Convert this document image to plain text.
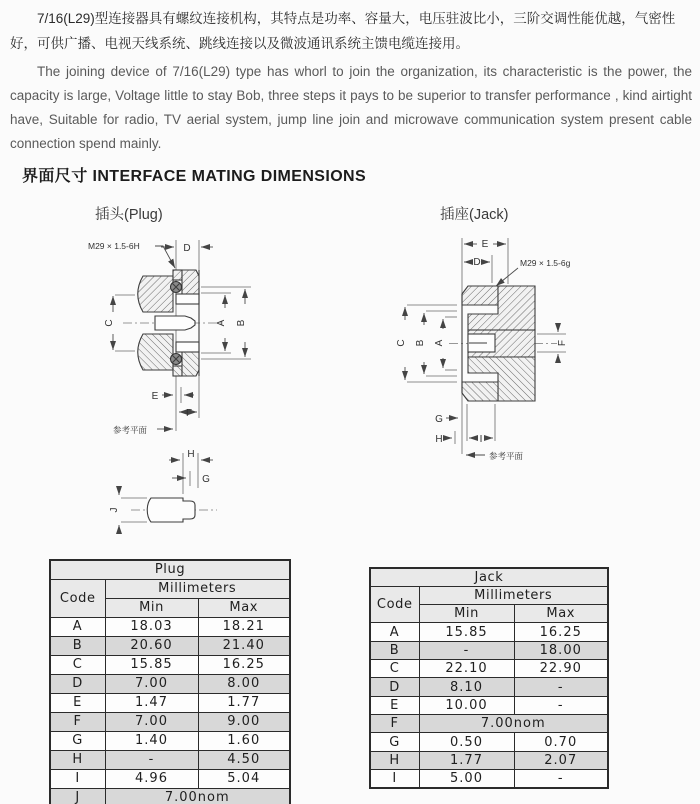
7/16(L29)型连接器具有螺纹连接机构，其特点是功率、容量大，电压驻波比小，三阶交调性能优越，气密性好，可供广播、电视天线系统、跳线连接以及微波通讯系统主馈电缆连接用。

The joining device of 7/16(L29) type has whorl to join the organization, its characteristic is the power, the capacity is large, Voltage little to stay Bob, three steps it pays to be superior to transfer performance , kind airtight have, Suitable for radio, TV aerial system, jump line join and microwave communication system present cable connection spend mainly.

界面尺寸 INTERFACE MATING DIMENSIONS
插头(Plug)	插座(Jack)
M29 × 1.5-6H	D
C	A B
E
F
参考平面
H
G
J
E
D	M29 × 1.5-6g
C B A	F
G
H	I
参考平面
Plug		
Code	Millimeters	
	Min	Max
A	18.03	18.21
B	20.60	21.40
C	15.85	16.25
D	7.00	8.00
E	1.47	1.77
F	7.00	9.00
G	1.40	1.60
H	-	4.50
I	4.96	5.04
J	7.00nom	
Jack		
Code	Millimeters	
	Min	Max
A	15.85	16.25
B	-	18.00
C	22.10	22.90
D	8.10	-
E	10.00	-
F	7.00nom	
G	0.50	0.70
H	1.77	2.07
I	5.00	-
